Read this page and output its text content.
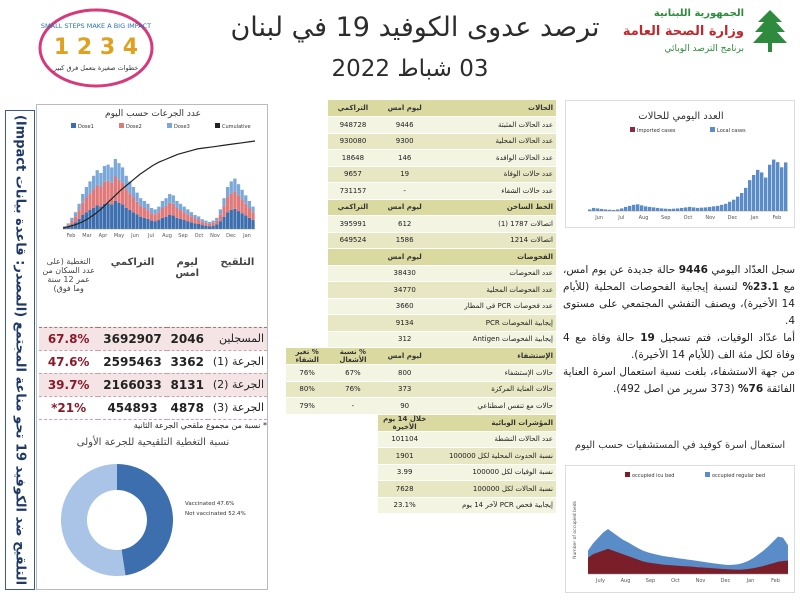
الجمهورية اللبنانية
وزارة الصحة العامة
برنامج الترصد الوبائي
ترصد عدوى الكوفيد 19 في لبنان
03 شباط 2022
SMALL STEPS MAKE A BIG IMPACT
1 2 3 4
خطوات صغيرة بتعمل فرق كبير
التلقيح ضد الكوفيد 19 تحو مناعة المجتمع (المصدر: قاعدة بيانات Impact)
عدد الجرعات حسب اليوم
Dose1	Dose2	Dose3	Cumulative
Feb Mar Apr May Jun Jul Aug Sep Oct Nov Dec Jan
التلقيح	ليوم امس	التراكمي	التغطية (على عدد السكان من عمر 12 سنة وما فوق)
المسجلين	2046	3692907	67.8%
الجرعة (1)	3362	2595463	47.6%
الجرعة (2)	8131	2166033	39.7%
الجرعة (3)	4878	454893	21%*
* نسبة من مجموع ملقحي الجرعة الثانية
نسبة التغطية التلقيحية للجرعة الأولى
Vaccinated 47.6%
Not vaccinated 52.4%
الحالات	ليوم امس	التراكمي	
عدد الحالات المثبتة	9446	948728	
عدد الحالات المحلية	9300	930080	
عدد الحالات الوافدة	146	18648	
عدد حالات الوفاة	19	9657	
عدد حالات الشفاء	-	731157	
الخط الساخن	ليوم امس	التراكمي	
اتصالات 1787 (1)	612	395991	
اتصالات 1214	1586	649524	
الفحوصات	ليوم امس		
عدد الفحوصات	38430		
عدد الفحوصات المحلية	34770		
عدد فحوصات PCR في المطار	3660		
إيجابية الفحوصات PCR	9134		
إيجابية الفحوصات Antigen	312		
الإستشفاء	ليوم امس	% نسبة الأشغال	% تغير الشفاء
حالات الإستشفاء	800	67%	76%
حالات العناية المركزة	373	76%	80%
حالات مع تنفس اصطناعي	90	-	79%
المؤشرات الوبائية	خلال 14 يوم الأخيرة		
عدد الحالات النشطة	101104		
نسبة الحدوث المحلية لكل 100000	1901		
نسبة الوفيات لكل 100000	3.99		
نسبة الحالات لكل 100000	7628		
إيجابية فحص PCR لآخر 14 يوم	23.1%		
العدد اليومي للحالات
Imported cases	Local cases
Jun	Jul	Aug	Sep	Oct	Nov Dec	Jan	Feb

سجل العدّاد اليومي 9446 حالة جديدة عن يوم امس، مع 23.1% لنسبة إيجابية الفحوصات المحلية (للأيام 14 الأخيرة)، ويصنف التفشي المجتمعي على مستوى 4.

أما عدّاد الوفيات، فتم تسجيل 19 حالة وفاة مع 4 وفاة لكل مئة الف (للأيام 14 الأخيرة).

من جهة الاستشفاء، بلغت نسبة استعمال اسرة العناية الفائقة 76% (373 سرير من اصل 492).

استعمال اسرة كوفيد في المستشفيات حسب اليوم
occupied icu bed	occupied regular bed
Number of occupied beds
July	Aug	Sep	Oct	Nov	Dec	Jan	Feb
